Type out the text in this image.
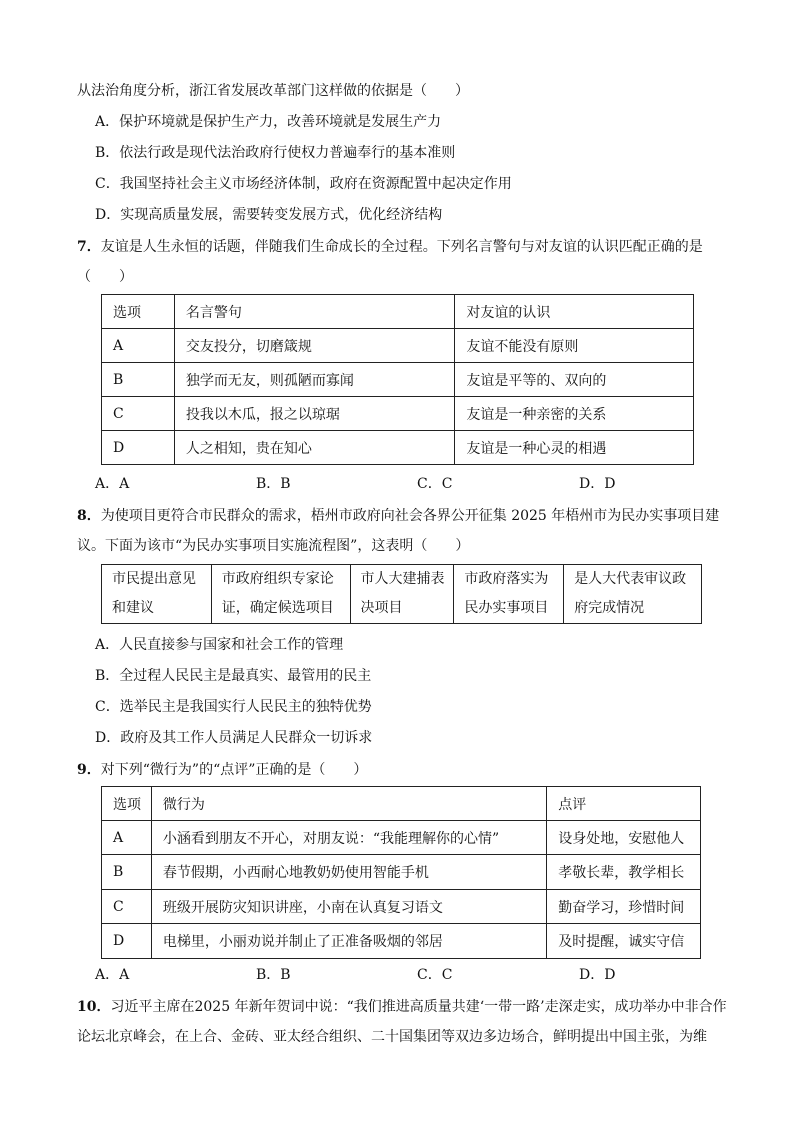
从法治角度分析，浙江省发展改革部门这样做的依据是（　　）
A．保护环境就是保护生产力，改善环境就是发展生产力
B．依法行政是现代法治政府行使权力普遍奉行的基本准则
C．我国坚持社会主义市场经济体制，政府在资源配置中起决定作用
D．实现高质量发展，需要转变发展方式，优化经济结构
7．友谊是人生永恒的话题，伴随我们生命成长的全过程。下列名言警句与对友谊的认识匹配正确的是
（　　）
选项	名言警句	对友谊的认识
A	交友投分，切磨箴规	友谊不能没有原则
B	独学而无友，则孤陋而寡闻	友谊是平等的、双向的
C	投我以木瓜，报之以琼琚	友谊是一种亲密的关系
D	人之相知，贵在知心	友谊是一种心灵的相遇
A．A	B．B	C．C	D．D
8．为使项目更符合市民群众的需求，梧州市政府向社会各界公开征集 2025 年梧州市为民办实事项目建
议。下面为该市“为民办实事项目实施流程图”，这表明（　　）
市民提出意见
和建议	市政府组织专家论
证，确定候选项目	市人大建捕表
决项目	市政府落实为
民办实事项目	是人大代表审议政
府完成情况
A．人民直接参与国家和社会工作的管理
B．全过程人民民主是最真实、最管用的民主
C．选举民主是我国实行人民民主的独特优势
D．政府及其工作人员满足人民群众一切诉求
9．对下列“微行为”的“点评”正确的是（　　）
选项	微行为	点评
A	小涵看到朋友不开心，对朋友说：“我能理解你的心情”	设身处地，安慰他人
B	春节假期，小西耐心地教奶奶使用智能手机	孝敬长辈，教学相长
C	班级开展防灾知识讲座，小南在认真复习语文	勤奋学习，珍惜时间
D	电梯里，小丽劝说并制止了正准备吸烟的邻居	及时提醒，诚实守信
A．A	B．B	C．C	D．D
10．习近平主席在2025 年新年贺词中说：“我们推进高质量共建‘一带一路’走深走实，成功举办中非合作
论坛北京峰会，在上合、金砖、亚太经合组织、二十国集团等双边多边场合，鲜明提出中国主张，为维
